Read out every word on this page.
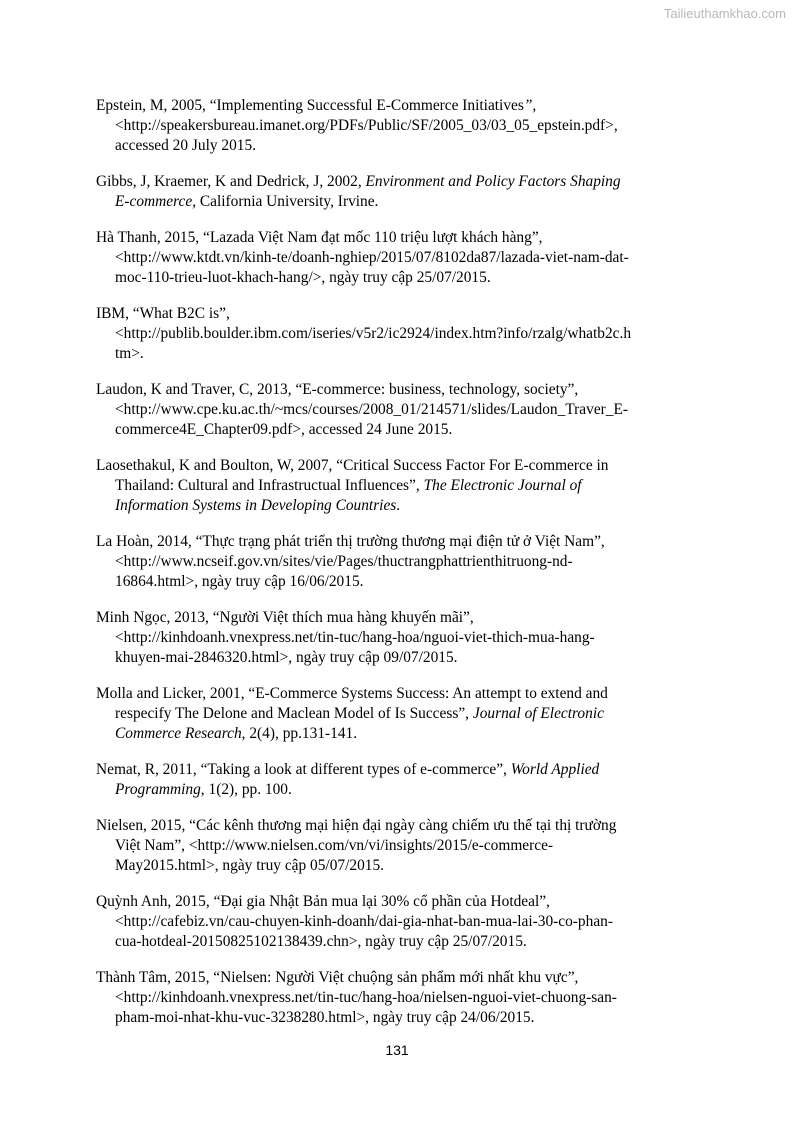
Tailieuthamkhao.com
Epstein, M, 2005, “Implementing Successful E-Commerce Initiatives”,
<http://speakersbureau.imanet.org/PDFs/Public/SF/2005_03/03_05_epstein.pdf>,
accessed 20 July 2015.
Gibbs, J, Kraemer, K and Dedrick, J, 2002, Environment and Policy Factors Shaping
E-commerce, California University, Irvine.
Hà Thanh, 2015, “Lazada Việt Nam đạt mốc 110 triệu lượt khách hàng”,
<http://www.ktdt.vn/kinh-te/doanh-nghiep/2015/07/8102da87/lazada-viet-nam-dat-
moc-110-trieu-luot-khach-hang/>, ngày truy cập 25/07/2015.
IBM, “What B2C is”,
<http://publib.boulder.ibm.com/iseries/v5r2/ic2924/index.htm?info/rzalg/whatb2c.h
tm>.
Laudon, K and Traver, C, 2013, “E-commerce: business, technology, society”,
<http://www.cpe.ku.ac.th/~mcs/courses/2008_01/214571/slides/Laudon_Traver_E-
commerce4E_Chapter09.pdf>, accessed 24 June 2015.
Laosethakul, K and Boulton, W, 2007, “Critical Success Factor For E-commerce in
Thailand: Cultural and Infrastructual Influences”, The Electronic Journal of
Information Systems in Developing Countries.
La Hoàn, 2014, “Thực trạng phát triển thị trường thương mại điện tử ở Việt Nam”,
<http://www.ncseif.gov.vn/sites/vie/Pages/thuctrangphattrienthitruong-nd-
16864.html>, ngày truy cập 16/06/2015.
Minh Ngọc, 2013, “Người Việt thích mua hàng khuyến mãi”,
<http://kinhdoanh.vnexpress.net/tin-tuc/hang-hoa/nguoi-viet-thich-mua-hang-
khuyen-mai-2846320.html>, ngày truy cập 09/07/2015.
Molla and Licker, 2001, “E-Commerce Systems Success: An attempt to extend and
respecify The Delone and Maclean Model of Is Success”, Journal of Electronic
Commerce Research, 2(4), pp.131-141.
Nemat, R, 2011, “Taking a look at different types of e-commerce”, World Applied
Programming, 1(2), pp. 100.
Nielsen, 2015, “Các kênh thương mại hiện đại ngày càng chiếm ưu thế tại thị trường
Việt Nam”, <http://www.nielsen.com/vn/vi/insights/2015/e-commerce-
May2015.html>, ngày truy cập 05/07/2015.
Quỳnh Anh, 2015, “Đại gia Nhật Bản mua lại 30% cổ phần của Hotdeal”,
<http://cafebiz.vn/cau-chuyen-kinh-doanh/dai-gia-nhat-ban-mua-lai-30-co-phan-
cua-hotdeal-20150825102138439.chn>, ngày truy cập 25/07/2015.
Thành Tâm, 2015, “Nielsen: Người Việt chuộng sản phẩm mới nhất khu vực”,
<http://kinhdoanh.vnexpress.net/tin-tuc/hang-hoa/nielsen-nguoi-viet-chuong-san-
pham-moi-nhat-khu-vuc-3238280.html>, ngày truy cập 24/06/2015.
131
